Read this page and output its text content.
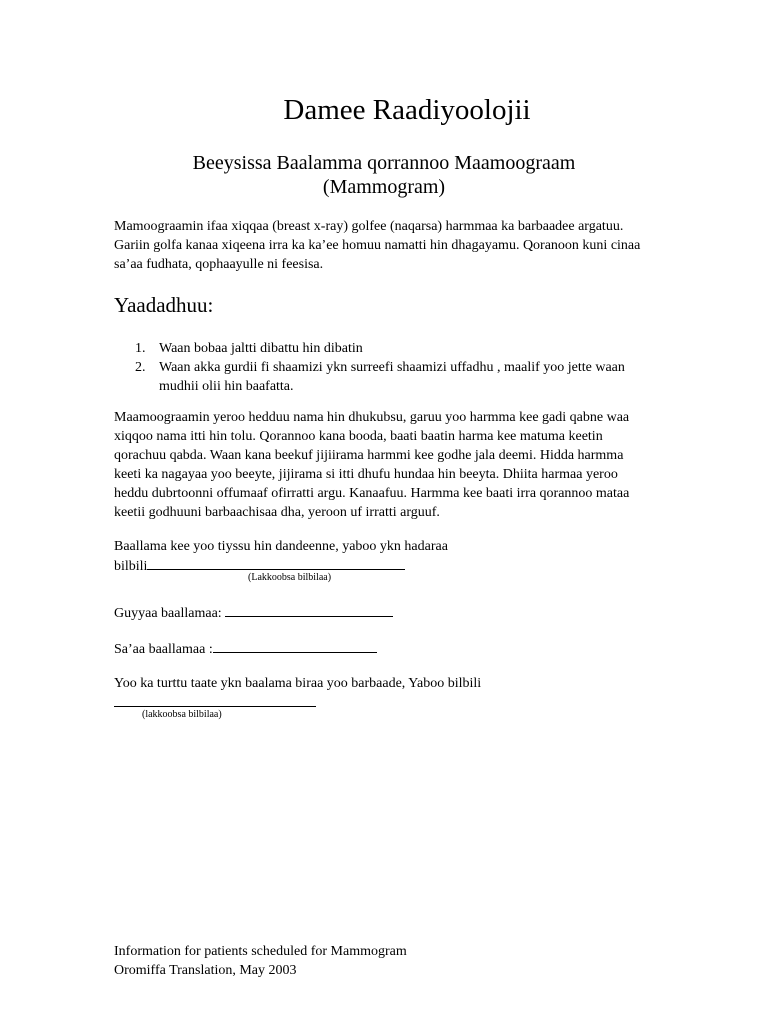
Damee Raadiyoolojii
Beeysissa Baalamma qorrannoo Maamoograam
(Mammogram)

Mamoograamin ifaa xiqqaa (breast x-ray) golfee (naqarsa) harmmaa ka barbaadee argatuu. Gariin golfa kanaa xiqeena irra ka ka’ee homuu namatti hin dhagayamu. Qoranoon kuni cinaa sa’aa fudhata, qophaayulle ni feesisa.

Yaadadhuu:
1. Waan bobaa jaltti dibattu hin dibatin
2. Waan akka gurdii fi shaamizi ykn surreefi shaamizi uffadhu , maalif yoo jette waan mudhii olii hin baafatta.

Maamoograamin yeroo hedduu nama hin dhukubsu, garuu yoo harmma kee gadi qabne waa xiqqoo nama itti hin tolu. Qorannoo kana booda, baati baatin harma kee matuma keetin qorachuu qabda. Waan kana beekuf jijiirama harmmi kee godhe jala deemi. Hidda harmma keeti ka nagayaa yoo beeyte, jijirama si itti dhufu hundaa hin beeyta. Dhiita harmaa yeroo heddu dubrtoonni offumaaf ofirratti argu. Kanaafuu. Harmma kee baati irra qorannoo mataa keetii godhuuni barbaachisaa dha, yeroon uf irratti arguuf.

Baallama kee yoo tiyssu hin dandeenne, yaboo ykn hadaraa
bilbili
(Lakkoobsa bilbilaa)
Guyyaa baallamaa:
Sa’aa baallamaa :
Yoo ka turttu taate ykn baalama biraa yoo barbaade, Yaboo bilbili
(lakkoobsa bilbilaa)
Information for patients scheduled for Mammogram
Oromiffa Translation, May 2003
